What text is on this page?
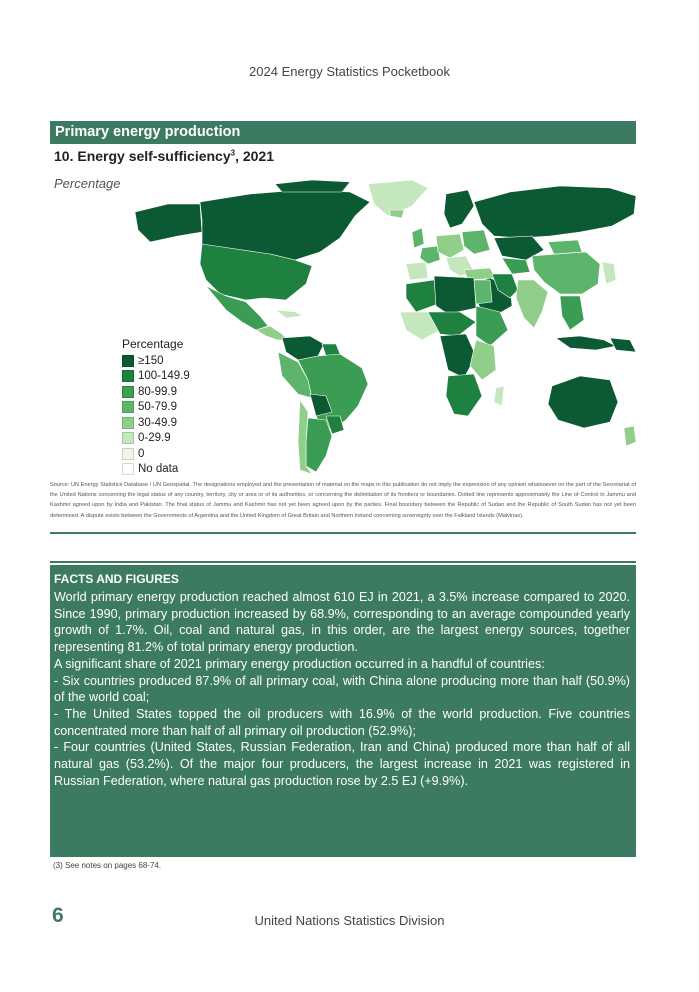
2024 Energy Statistics Pocketbook
Primary energy production
10. Energy self-sufficiency$^3$, 2021
Percentage
Percentage
≥150
100-149.9
80-99.9
50-79.9
30-49.9
0-29.9
0
No data
Source: UN Energy Statistics Database / UN Geospatial. The designations employed and the presentation of material on the maps in this publication do not imply the expression of any opinion whatsoever on the part of the Secretariat of the United Nations concerning the legal status of any country, territory, city or area or of its authorities, or concerning the delimitation of its frontiers or boundaries. Dotted line represents approximately the Line of Control in Jammu and Kashmir agreed upon by India and Pakistan. The final status of Jammu and Kashmir has not yet been agreed upon by the parties. Final boundary between the Republic of Sudan and the Republic of South Sudan has not yet been determined. A dispute exists between the Governments of Argentina and the United Kingdom of Great Britain and Northern Ireland concerning sovereignty over the Falkland Islands (Malvinas).
FACTS AND FIGURES

World primary energy production reached almost 610 EJ in 2021, a 3.5% increase compared to 2020. Since 1990, primary production increased by 68.9%, corresponding to an average compounded yearly growth of 1.7%. Oil, coal and natural gas, in this order, are the largest energy sources, together representing 81.2% of total primary energy production.

A significant share of 2021 primary energy production occurred in a handful of countries:

- Six countries produced 87.9% of all primary coal, with China alone producing more than half (50.9%) of the world coal;

- The United States topped the oil producers with 16.9% of the world production. Five countries concentrated more than half of all primary oil production (52.9%);

- Four countries (United States, Russian Federation, Iran and China) produced more than half of all natural gas (53.2%). Of the major four producers, the largest increase in 2021 was registered in Russian Federation, where natural gas production rose by 2.5 EJ (+9.9%).

(3) See notes on pages 68-74.
6	United Nations Statistics Division
